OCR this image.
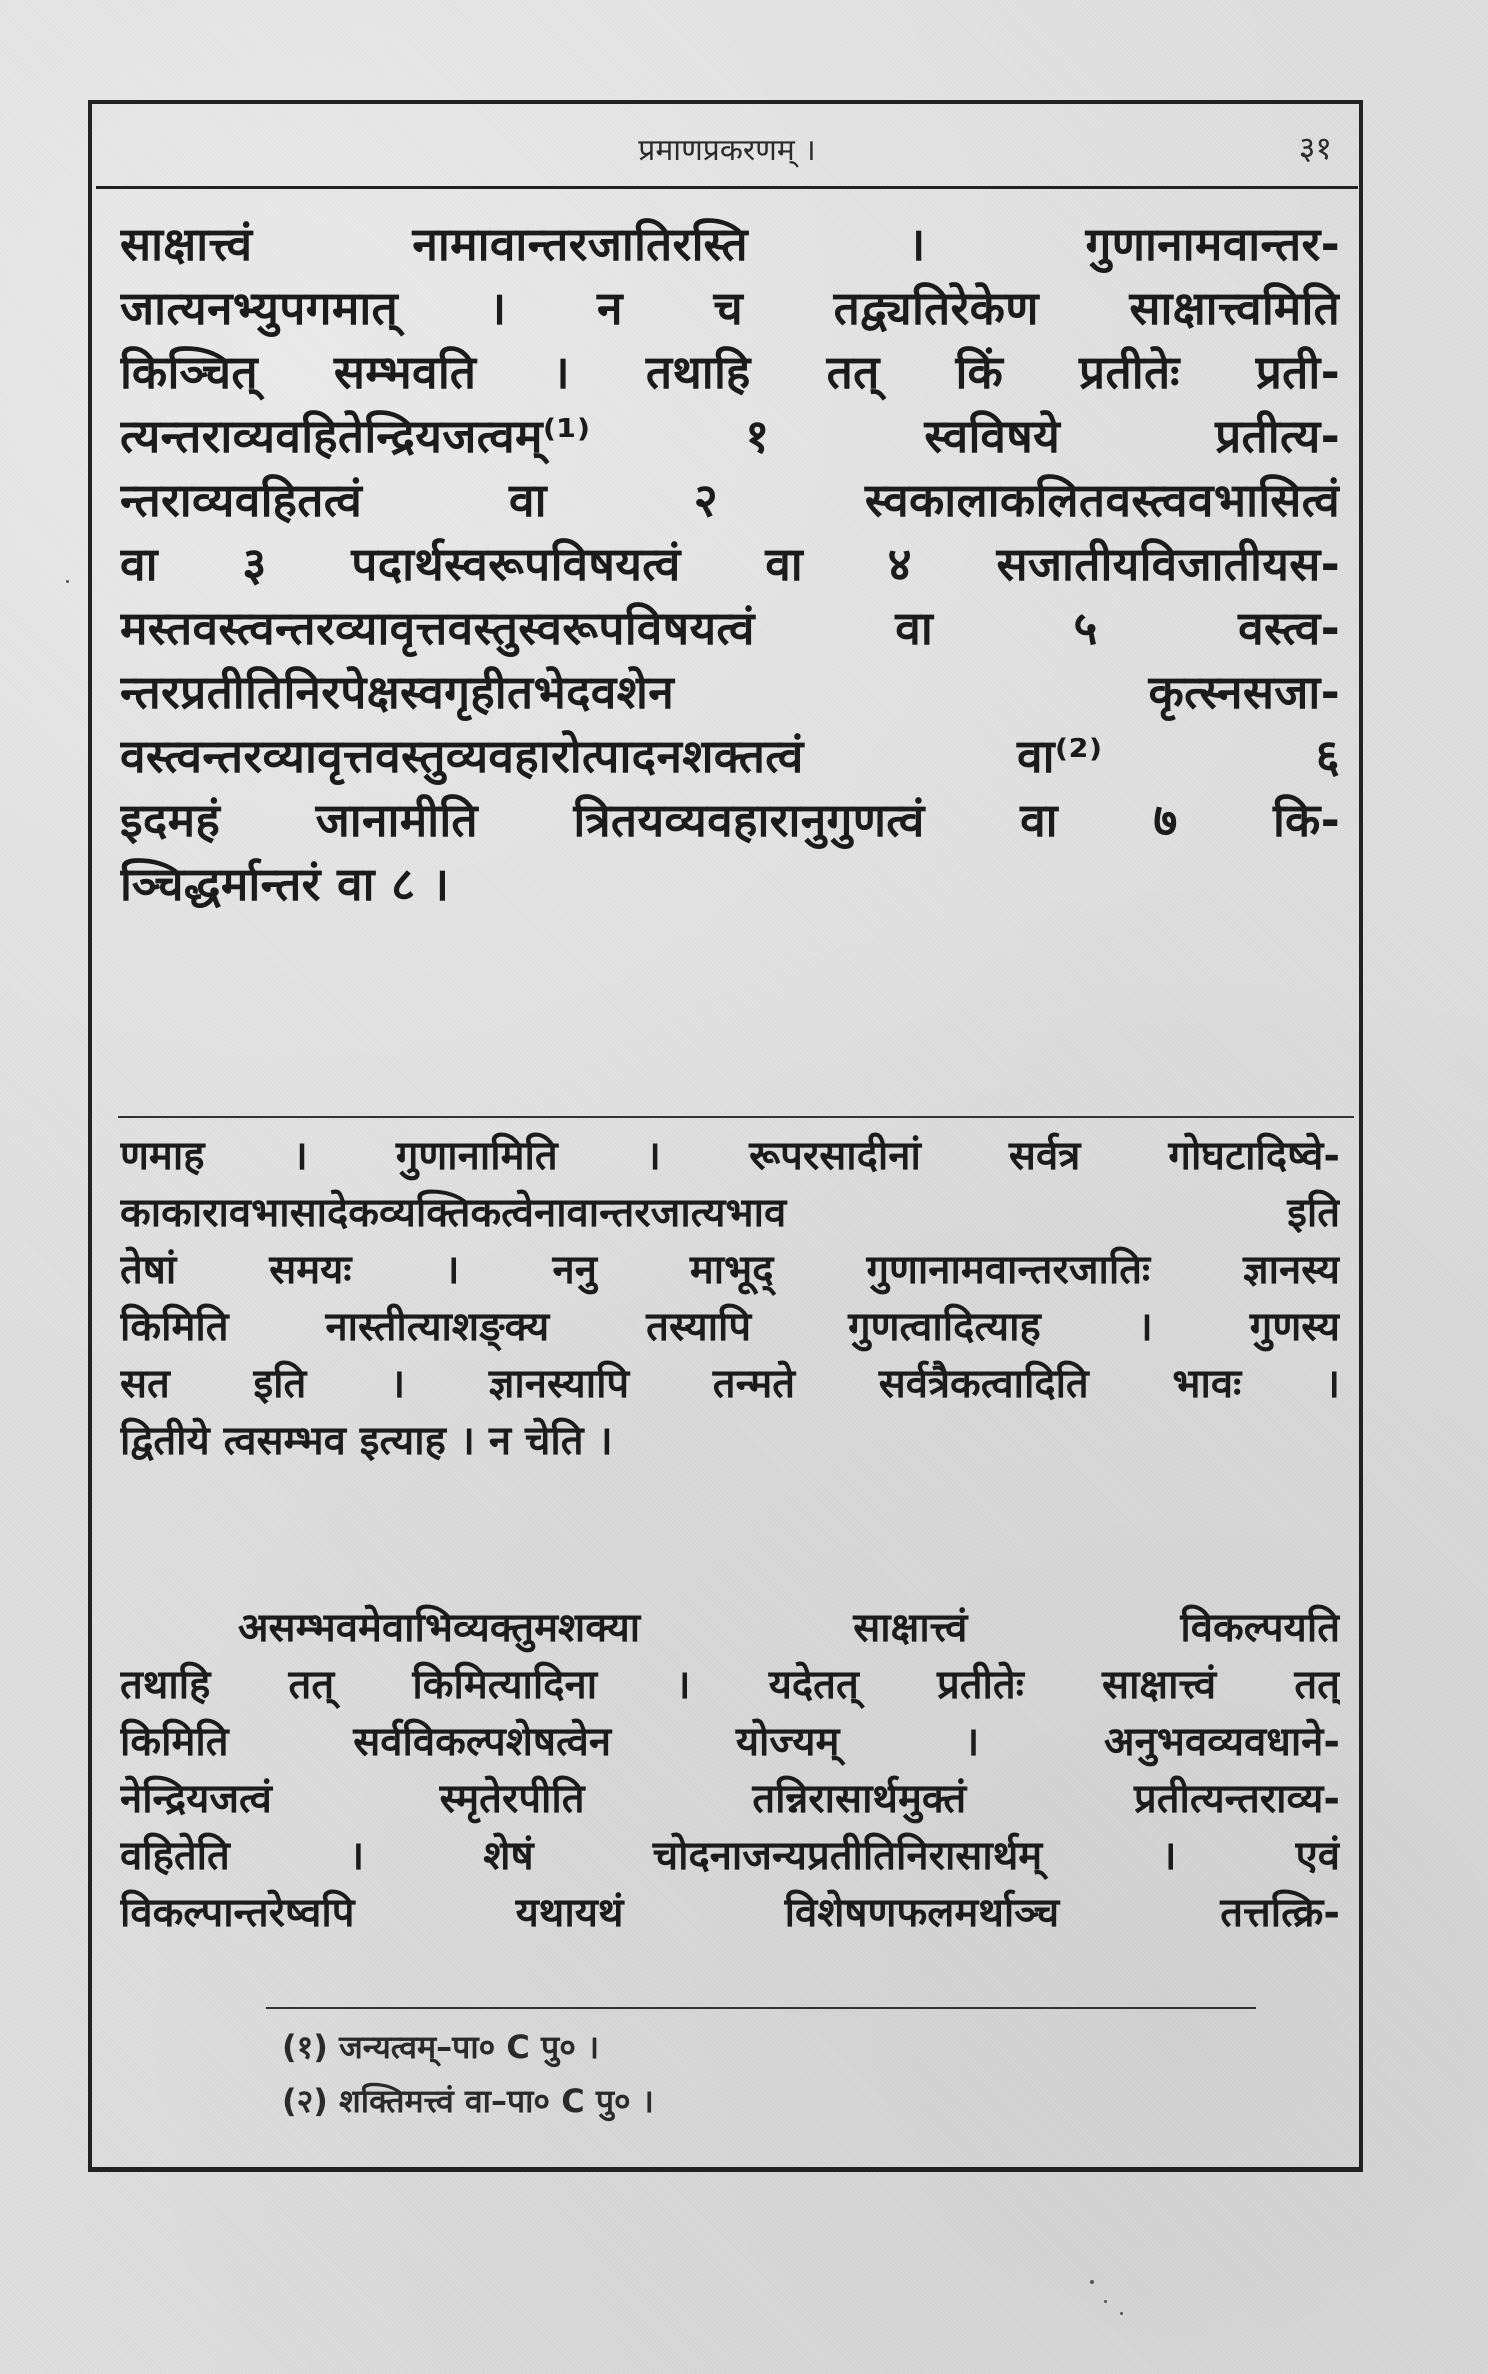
प्रमाणप्रकरणम् ।	३१
साक्षात्त्वं नामावान्तरजातिरस्ति । गुणानामवान्तर-
जात्यनभ्युपगमात् । न च तद्व्यतिरेकेण साक्षात्त्वमिति
किञ्चित् सम्भवति । तथाहि तत् किं प्रतीतेः प्रती-
त्यन्तराव्यवहितेन्द्रियजत्वम्⁽¹⁾ १ स्वविषये प्रतीत्य-
न्तराव्यवहितत्वं वा २ स्वकालाकलितवस्त्ववभासित्वं
वा ३ पदार्थस्वरूपविषयत्वं वा ४ सजातीयविजातीयस-
मस्तवस्त्वन्तरव्यावृत्तवस्तुस्वरूपविषयत्वं वा ५ वस्त्व-
न्तरप्रतीतिनिरपेक्षस्वगृहीतभेदवशेन कृत्स्नसजा-
वस्त्वन्तरव्यावृत्तवस्तुव्यवहारोत्पादनशक्तत्वं वा⁽²⁾ ६
इदमहं जानामीति त्रितयव्यवहारानुगुणत्वं वा ७ कि-
ञ्चिद्धर्मान्तरं वा ८ ।
णमाह । गुणानामिति । रूपरसादीनां सर्वत्र गोघटादिष्वे-
काकारावभासादेकव्यक्तिकत्वेनावान्तरजात्यभाव इति
तेषां समयः । ननु माभूद् गुणानामवान्तरजातिः ज्ञानस्य
किमिति नास्तीत्याशङ्क्य तस्यापि गुणत्वादित्याह । गुणस्य
सत इति । ज्ञानस्यापि तन्मते सर्वत्रैकत्वादिति भावः ।
द्वितीये त्वसम्भव इत्याह । न चेति ।
असम्भवमेवाभिव्यक्तुमशक्या साक्षात्त्वं विकल्पयति
तथाहि तत् किमित्यादिना । यदेतत् प्रतीतेः साक्षात्त्वं तत्
किमिति सर्वविकल्पशेषत्वेन योज्यम् । अनुभवव्यवधाने-
नेन्द्रियजत्वं स्मृतेरपीति तन्निरासार्थमुक्तं प्रतीत्यन्तराव्य-
वहितेति । शेषं चोदनाजन्यप्रतीतिनिरासार्थम् । एवं
विकल्पान्तरेष्वपि यथायथं विशेषणफलमर्थाञ्च तत्तत्क्रि-
(१) जन्यत्वम्–पा० C पु० ।
(२) शक्तिमत्त्वं वा–पा० C पु० ।
